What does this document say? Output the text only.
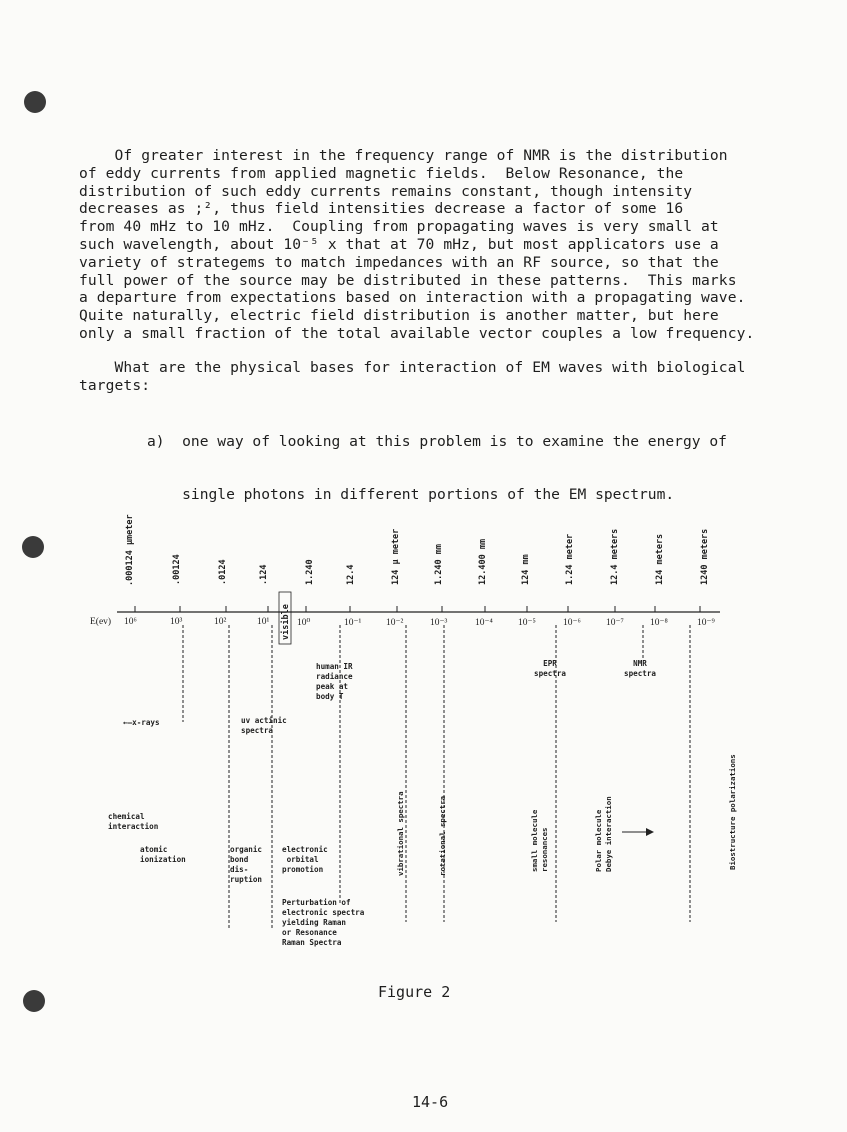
Of greater interest in the frequency range of NMR is the distribution
of eddy currents from applied magnetic fields.  Below Resonance, the
distribution of such eddy currents remains constant, though intensity
decreases as ;², thus field intensities decrease a factor of some 16
from 40 mHz to 10 mHz.  Coupling from propagating waves is very small at
such wavelength, about 10⁻⁵ x that at 70 mHz, but most applicators use a
variety of strategems to match impedances with an RF source, so that the
full power of the source may be distributed in these patterns.  This marks
a departure from expectations based on interaction with a propagating wave.
Quite naturally, electric field distribution is another matter, but here
only a small fraction of the total available vector couples a low frequency.
What are the physical bases for interaction of EM waves with biological
targets:

a)  one way of looking at this problem is to examine the energy of

single photons in different portions of the EM spectrum.

.000124 μmeter	.00124	.0124	.124
visible
1.240	12.4	124 μ meter	1.240 mm	12.400 mm	124 mm	1.24 meter	12.4 meters	124 meters	1240 meters
E(ev) 10⁶	10³	10²	10¹	10⁰	10⁻¹	10⁻²	10⁻³	10⁻⁴	10⁻⁵	10⁻⁶	10⁻⁷	10⁻⁸	10⁻⁹
←—x-rays	uv actinic
spectra
human IR
radiance
peak at
body T
EPR
spectra
NMR
spectra
chemical
interaction
atomic
ionization
organic
bond
dis-
ruption
electronic
orbital
promotion
Perturbation of
electronic spectra
yielding Raman
or Resonance
Raman Spectra
vibrational spectra	rotational spectra	small molecule
resonances	Polar molecule
Debye interaction	Biostructure polarizations
Figure 2
14-6
